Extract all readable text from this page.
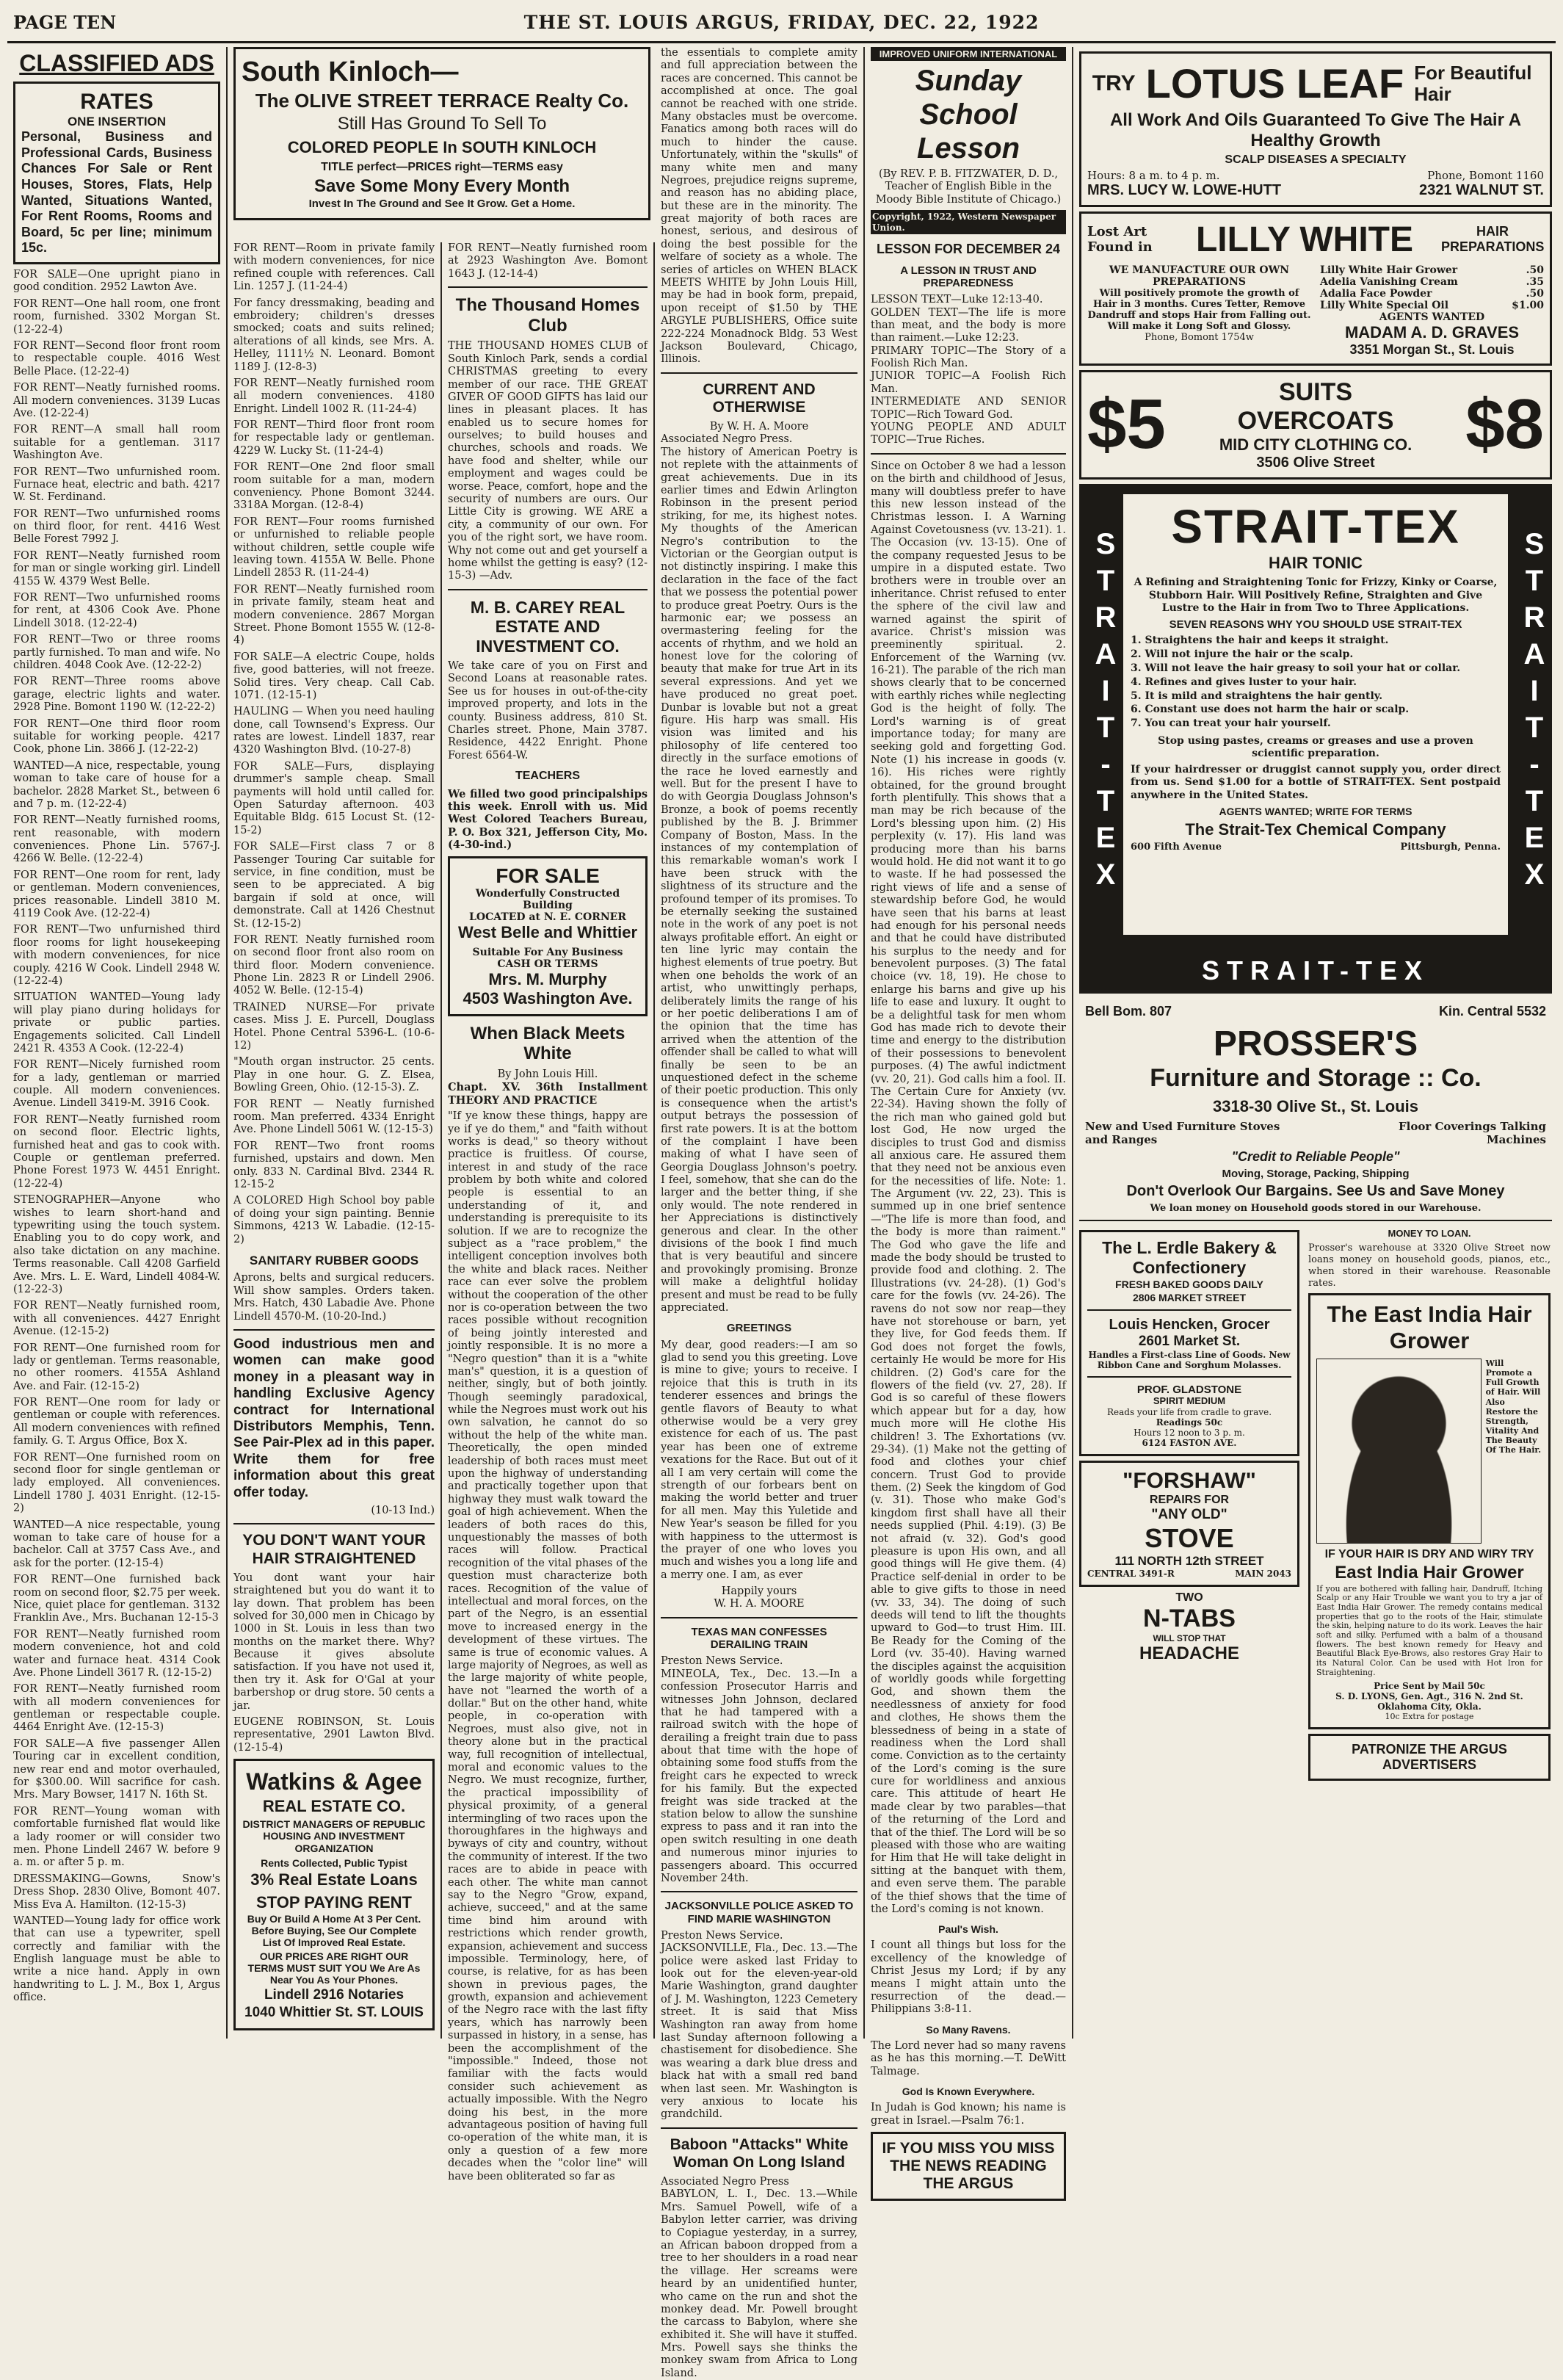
PAGE TEN	THE ST. LOUIS ARGUS, FRIDAY, DEC. 22, 1922
CLASSIFIED ADS
RATES
ONE INSERTION
Personal, Business and Professional Cards, Business Chances For Sale or Rent Houses, Stores, Flats, Help Wanted, Situations Wanted, For Rent Rooms, Rooms and Board, 5c per line; minimum 15c.

FOR SALE—One upright piano in good condition. 2952 Lawton Ave.

FOR RENT—One hall room, one front room, furnished. 3302 Morgan St. (12-22-4)

FOR RENT—Second floor front room to respectable couple. 4016 West Belle Place. (12-22-4)

FOR RENT—Neatly furnished rooms. All modern conveniences. 3139 Lucas Ave. (12-22-4)

FOR RENT—A small hall room suitable for a gentleman. 3117 Washington Ave.

FOR RENT—Two unfurnished room. Furnace heat, electric and bath. 4217 W. St. Ferdinand.

FOR RENT—Two unfurnished rooms on third floor, for rent. 4416 West Belle Forest 7992 J.

FOR RENT—Neatly furnished room for man or single working girl. Lindell 4155 W. 4379 West Belle.

FOR RENT—Two unfurnished rooms for rent, at 4306 Cook Ave. Phone Lindell 3018. (12-22-4)

FOR RENT—Two or three rooms partly furnished. To man and wife. No children. 4048 Cook Ave. (12-22-2)

FOR RENT—Three rooms above garage, electric lights and water. 2928 Pine. Bomont 1190 W. (12-22-2)

FOR RENT—One third floor room suitable for working people. 4217 Cook, phone Lin. 3866 J. (12-22-2)

WANTED—A nice, respectable, young woman to take care of house for a bachelor. 2828 Market St., between 6 and 7 p. m. (12-22-4)

FOR RENT—Neatly furnished rooms, rent reasonable, with modern conveniences. Phone Lin. 5767-J. 4266 W. Belle. (12-22-4)

FOR RENT—One room for rent, lady or gentleman. Modern conveniences, prices reasonable. Lindell 3810 M. 4119 Cook Ave. (12-22-4)

FOR RENT—Two unfurnished third floor rooms for light housekeeping with modern conveniences, for nice couply. 4216 W Cook. Lindell 2948 W. (12-22-4)

SITUATION WANTED—Young lady will play piano during holidays for private or public parties. Engagements solicited. Call Lindell 2421 R. 4353 A Cook. (12-22-4)

FOR RENT—Nicely furnished room for a lady, gentleman or married couple. All modern conveniences. Avenue. Lindell 3419-M. 3916 Cook.

FOR RENT—Neatly furnished room on second floor. Electric lights, furnished heat and gas to cook with. Couple or gentleman preferred. Phone Forest 1973 W. 4451 Enright. (12-22-4)

STENOGRAPHER—Anyone who wishes to learn short-hand and typewriting using the touch system. Enabling you to do copy work, and also take dictation on any machine. Terms reasonable. Call 4208 Garfield Ave. Mrs. L. E. Ward, Lindell 4084-W. (12-22-3)

FOR RENT—Neatly furnished room, with all conveniences. 4427 Enright Avenue. (12-15-2)

FOR RENT—One furnished room for lady or gentleman. Terms reasonable, no other roomers. 4155A Ashland Ave. and Fair. (12-15-2)

FOR RENT—One room for lady or gentleman or couple with references. All modern conveniences with refined family. G. T. Argus Office, Box X.

FOR RENT—One furnished room on second floor for single gentleman or lady employed. All conveniences. Lindell 1780 J. 4031 Enright. (12-15-2)

WANTED—A nice respectable, young woman to take care of house for a bachelor. Call at 3757 Cass Ave., and ask for the porter. (12-15-4)

FOR RENT—One furnished back room on second floor, $2.75 per week. Nice, quiet place for gentleman. 3132 Franklin Ave., Mrs. Buchanan 12-15-3

FOR RENT—Neatly furnished room modern convenience, hot and cold water and furnace heat. 4314 Cook Ave. Phone Lindell 3617 R. (12-15-2)

FOR RENT—Neatly furnished room with all modern conveniences for gentleman or respectable couple. 4464 Enright Ave. (12-15-3)

FOR SALE—A five passenger Allen Touring car in excellent condition, new rear end and motor overhauled, for $300.00. Will sacrifice for cash. Mrs. Mary Bowser, 1417 N. 16th St.

FOR RENT—Young woman with comfortable furnished flat would like a lady roomer or will consider two men. Phone Lindell 2467 W. before 9 a. m. or after 5 p. m.

DRESSMAKING—Gowns, Snow's Dress Shop. 2830 Olive, Bomont 407. Miss Eva A. Hamilton. (12-15-3)

WANTED—Young lady for office work that can use a typewriter, spell correctly and familiar with the English language must be able to write a nice hand. Apply in own handwriting to L. J. M., Box 1, Argus office.

South Kinloch—
The OLIVE STREET TERRACE Realty Co.
Still Has Ground To Sell To
COLORED PEOPLE In SOUTH KINLOCH
TITLE perfect—PRICES right—TERMS easy
Save Some Mony Every Month
Invest In The Ground and See It Grow. Get a Home.

FOR RENT—Room in private family with modern conveniences, for nice refined couple with references. Call Lin. 1257 J. (11-24-4)

For fancy dressmaking, beading and embroidery; children's dresses smocked; coats and suits relined; alterations of all kinds, see Mrs. A. Helley, 1111½ N. Leonard. Bomont 1189 J. (12-8-3)

FOR RENT—Neatly furnished room all modern conveniences. 4180 Enright. Lindell 1002 R. (11-24-4)

FOR RENT—Third floor front room for respectable lady or gentleman. 4229 W. Lucky St. (11-24-4)

FOR RENT—One 2nd floor small room suitable for a man, modern conveniency. Phone Bomont 3244. 3318A Morgan. (12-8-4)

FOR RENT—Four rooms furnished or unfurnished to reliable people without children, settle couple wife leaving town. 4155A W. Belle. Phone Lindell 2853 R. (11-24-4)

FOR RENT—Neatly furnished room in private family, steam heat and modern convenience. 2867 Morgan Street. Phone Bomont 1555 W. (12-8-4)

FOR SALE—A electric Coupe, holds five, good batteries, will not freeze. Solid tires. Very cheap. Call Cab. 1071. (12-15-1)

HAULING — When you need hauling done, call Townsend's Express. Our rates are lowest. Lindell 1837, rear 4320 Washington Blvd. (10-27-8)

FOR SALE—Furs, displaying drummer's sample cheap. Small payments will hold until called for. Open Saturday afternoon. 403 Equitable Bldg. 615 Locust St. (12-15-2)

FOR SALE—First class 7 or 8 Passenger Touring Car suitable for service, in fine condition, must be seen to be appreciated. A big bargain if sold at once, will demonstrate. Call at 1426 Chestnut St. (12-15-2)

FOR RENT. Neatly furnished room on second floor front also room on third floor. Modern convenience. Phone Lin. 2823 R or Lindell 2906. 4052 W. Belle. (12-15-4)

TRAINED NURSE—For private cases. Miss J. E. Purcell, Douglass Hotel. Phone Central 5396-L. (10-6-12)

"Mouth organ instructor. 25 cents. Play in one hour. G. Z. Elsea, Bowling Green, Ohio. (12-15-3). Z.

FOR RENT — Neatly furnished room. Man preferred. 4334 Enright Ave. Phone Lindell 5061 W. (12-15-3)

FOR RENT—Two front rooms furnished, upstairs and down. Men only. 833 N. Cardinal Blvd. 2344 R. 12-15-2

A COLORED High School boy pable of doing your sign painting. Bennie Simmons, 4213 W. Labadie. (12-15-2)

SANITARY RUBBER GOODS

Aprons, belts and surgical reducers. Will show samples. Orders taken. Mrs. Hatch, 430 Labadie Ave. Phone Lindell 4570-M. (10-20-Ind.)

Good industrious men and women can make good money in a pleasant way in handling Exclusive Agency contract for International Distributors Memphis, Tenn. See Pair-Plex ad in this paper. Write them for free information about this great offer today.

(10-13 Ind.)

YOU DON'T WANT YOUR HAIR STRAIGHTENED

You dont want your hair straightened but you do want it to lay down. That problem has been solved for 30,000 men in Chicago by 1000 in St. Louis in less than two months on the market there. Why? Because it gives absolute satisfaction. If you have not used it, then try it. Ask for O'Gal at your barbershop or drug store. 50 cents a jar.

EUGENE ROBINSON, St. Louis representative, 2901 Lawton Blvd. (12-15-4)

Watkins & Agee
REAL ESTATE CO.
DISTRICT MANAGERS OF REPUBLIC HOUSING AND INVESTMENT ORGANIZATION
Rents Collected, Public Typist
3% Real Estate Loans
STOP PAYING RENT
Buy Or Build A Home At 3 Per Cent. Before Buying, See Our Complete List Of Improved Real Estate.
OUR PRICES ARE RIGHT OUR TERMS MUST SUIT YOU We Are As Near You As Your Phones.
Lindell 2916 Notaries
1040 Whittier St. ST. LOUIS

FOR RENT—Neatly furnished room at 2923 Washington Ave. Bomont 1643 J. (12-14-4)

The Thousand Homes Club

THE THOUSAND HOMES CLUB of South Kinloch Park, sends a cordial CHRISTMAS greeting to every member of our race. THE GREAT GIVER OF GOOD GIFTS has laid our lines in pleasant places. It has enabled us to secure homes for ourselves; to build houses and churches, schools and roads. We have food and shelter, while our employment and wages could be worse. Peace, comfort, hope and the security of numbers are ours. Our Little City is growing. WE ARE a city, a community of our own. For you of the right sort, we have room. Why not come out and get yourself a home whilst the getting is easy? (12-15-3) —Adv.

M. B. CAREY REAL ESTATE AND INVESTMENT CO.

We take care of you on First and Second Loans at reasonable rates. See us for houses in out-of-the-city improved property, and lots in the county. Business address, 810 St. Charles street. Phone, Main 3787. Residence, 4422 Enright. Phone Forest 6564-W.

TEACHERS

We filled two good principalships this week. Enroll with us. Mid West Colored Teachers Bureau, P. O. Box 321, Jefferson City, Mo. (4-30-ind.)

FOR SALE
Wonderfully Constructed Building
LOCATED at N. E. CORNER
West Belle and Whittier
Suitable For Any Business
CASH OR TERMS
Mrs. M. Murphy
4503 Washington Ave.
When Black Meets White
By John Louis Hill.

Chapt. XV. 36th Installment THEORY AND PRACTICE

"If ye know these things, happy are ye if ye do them," and "faith without works is dead," so theory without practice is fruitless. Of course, interest in and study of the race problem by both white and colored people is essential to an understanding of it, and understanding is prerequisite to its solution. If we are to recognize the subject as a "race problem," the intelligent conception involves both the white and black races. Neither race can ever solve the problem without the cooperation of the other nor is co-operation between the two races possible without recognition of being jointly interested and jointly responsible. It is no more a "Negro question" than it is a "white man's" question, it is a question of neither, singly, but of both jointly. Though seemingly paradoxical, while the Negroes must work out his own salvation, he cannot do so without the help of the white man. Theoretically, the open minded leadership of both races must meet upon the highway of understanding and practically together upon that highway they must walk toward the goal of high achievement. When the leaders of both races do this, unquestionably the masses of both races will follow. Practical recognition of the vital phases of the question must characterize both races. Recognition of the value of intellectual and moral forces, on the part of the Negro, is an essential move to increased energy in the development of these virtues. The same is true of economic values. A large majority of Negroes, as well as the large majority of white people, have not "learned the worth of a dollar." But on the other hand, white people, in co-operation with Negroes, must also give, not in theory alone but in the practical way, full recognition of intellectual, moral and economic values to the Negro. We must recognize, further, the practical impossibility of physical proximity, of a general intermingling of two races upon the thoroughfares in the highways and byways of city and country, without the community of interest. If the two races are to abide in peace with each other. The white man cannot say to the Negro "Grow, expand, achieve, succeed," and at the same time bind him around with restrictions which render growth, expansion, achievement and success impossible. Terminology, here, of course, is relative, for as has been shown in previous pages, the growth, expansion and achievement of the Negro race with the last fifty years, which has narrowly been surpassed in history, in a sense, has been the accomplishment of the "impossible." Indeed, those not familiar with the facts would consider such achievement as actually impossible. With the Negro doing his best, in the more advantageous position of having full co-operation of the white man, it is only a question of a few more decades when the "color line" will have been obliterated so far as

the essentials to complete amity and full appreciation between the races are concerned. This cannot be accomplished at once. The goal cannot be reached with one stride. Many obstacles must be overcome. Fanatics among both races will do much to hinder the cause. Unfortunately, within the "skulls" of many white men and many Negroes, prejudice reigns supreme, and reason has no abiding place, but these are in the minority. The great majority of both races are honest, serious, and desirous of doing the best possible for the welfare of society as a whole. The series of articles on WHEN BLACK MEETS WHITE by John Louis Hill, may be had in book form, prepaid, upon receipt of $1.50 by THE ARGYLE PUBLISHERS, Office suite 222-224 Monadnock Bldg. 53 West Jackson Boulevard, Chicago, Illinois.

CURRENT AND OTHERWISE
By W. H. A. Moore
Associated Negro Press.

The history of American Poetry is not replete with the attainments of great achievements. Due in its earlier times and Edwin Arlington Robinson in the present period striking, for me, its highest notes. My thoughts of the American Negro's contribution to the Victorian or the Georgian output is not distinctly inspiring. I make this declaration in the face of the fact that we possess the potential power to produce great Poetry. Ours is the harmonic ear; we possess an overmastering feeling for the accents of rhythm, and we hold an honest love for the coloring of beauty that make for true Art in its several expressions. And yet we have produced no great poet. Dunbar is lovable but not a great figure. His harp was small. His vision was limited and his philosophy of life centered too directly in the surface emotions of the race he loved earnestly and well. But for the present I have to do with Georgia Douglass Johnson's Bronze, a book of poems recently published by the B. J. Brimmer Company of Boston, Mass. In the instances of my contemplation of this remarkable woman's work I have been struck with the slightness of its structure and the profound temper of its promises. To be eternally seeking the sustained note in the work of any poet is not always profitable effort. An eight or ten line lyric may contain the highest elements of true poetry. But when one beholds the work of an artist, who unwittingly perhaps, deliberately limits the range of his or her poetic deliberations I am of the opinion that the time has arrived when the attention of the offender shall be called to what will finally be seen to be an unquestioned defect in the scheme of their poetic production. This only is consequence when the artist's output betrays the possession of first rate powers. It is at the bottom of the complaint I have been making of what I have seen of Georgia Douglass Johnson's poetry. I feel, somehow, that she can do the larger and the better thing, if she only would. The note rendered in her Appreciations is distinctively generous and clear. In the other divisions of the book I find much that is very beautiful and sincere and provokingly promising. Bronze will make a delightful holiday present and must be read to be fully appreciated.

GREETINGS

My dear, good readers:—I am so glad to send you this greeting. Love is mine to give; yours to receive. I rejoice that this is truth in its tenderer essences and brings the gentle flavors of Beauty to what otherwise would be a very grey existence for each of us. The past year has been one of extreme vexations for the Race. But out of it all I am very certain will come the strength of our forbears bent on making the world better and truer for all men. May this Yuletide and New Year's season be filled for you with happiness to the uttermost is the prayer of one who loves you much and wishes you a long life and a merry one. I am, as ever

Happily yours
W. H. A. MOORE
TEXAS MAN CONFESSES DERAILING TRAIN
Preston News Service.

MINEOLA, Tex., Dec. 13.—In a confession Prosecutor Harris and witnesses John Johnson, declared that he had tampered with a railroad switch with the hope of derailing a freight train due to pass about that time with the hope of obtaining some food stuffs from the freight cars he expected to wreck for his family. But the expected freight was side tracked at the station below to allow the sunshine express to pass and it ran into the open switch resulting in one death and numerous minor injuries to passengers aboard. This occurred November 24th.

JACKSONVILLE POLICE ASKED TO FIND MARIE WASHINGTON
Preston News Service.

JACKSONVILLE, Fla., Dec. 13.—The police were asked last Friday to look out for the eleven-year-old Marie Washington, grand daughter of J. M. Washington, 1223 Cemetery street. It is said that Miss Washington ran away from home last Sunday afternoon following a chastisement for disobedience. She was wearing a dark blue dress and black hat with a small red band when last seen. Mr. Washington is very anxious to locate his grandchild.

Baboon "Attacks" White Woman On Long Island
Associated Negro Press

BABYLON, L. I., Dec. 13.—While Mrs. Samuel Powell, wife of a Babylon letter carrier, was driving to Copiague yesterday, in a surrey, an African baboon dropped from a tree to her shoulders in a road near the village. Her screams were heard by an unidentified hunter, who came on the run and shot the monkey dead. Mr. Powell brought the carcass to Babylon, where she exhibited it. She will have it stuffed. Mrs. Powell says she thinks the monkey swam from Africa to Long Island.

IMPROVED UNIFORM INTERNATIONAL
Sunday School
Lesson

(By REV. P. B. FITZWATER, D. D., Teacher of English Bible in the Moody Bible Institute of Chicago.)

Copyright, 1922, Western Newspaper Union.
LESSON FOR DECEMBER 24
A LESSON IN TRUST AND PREPAREDNESS

LESSON TEXT—Luke 12:13-40.

GOLDEN TEXT—The life is more than meat, and the body is more than raiment.—Luke 12:23.

PRIMARY TOPIC—The Story of a Foolish Rich Man.

JUNIOR TOPIC—A Foolish Rich Man.

INTERMEDIATE AND SENIOR TOPIC—Rich Toward God.

YOUNG PEOPLE AND ADULT TOPIC—True Riches.

Since on October 8 we had a lesson on the birth and childhood of Jesus, many will doubtless prefer to have this new lesson instead of the Christmas lesson. I. A Warning Against Covetousness (vv. 13-21). 1. The Occasion (vv. 13-15). One of the company requested Jesus to be umpire in a disputed estate. Two brothers were in trouble over an inheritance. Christ refused to enter the sphere of the civil law and warned against the spirit of avarice. Christ's mission was preeminently spiritual. 2. Enforcement of the Warning (vv. 16-21). The parable of the rich man shows clearly that to be concerned with earthly riches while neglecting God is the height of folly. The Lord's warning is of great importance today; for many are seeking gold and forgetting God. Note (1) his increase in goods (v. 16). His riches were rightly obtained, for the ground brought forth plentifully. This shows that a man may be rich because of the Lord's blessing upon him. (2) His perplexity (v. 17). His land was producing more than his barns would hold. He did not want it to go to waste. If he had possessed the right views of life and a sense of stewardship before God, he would have seen that his barns at least had enough for his personal needs and that he could have distributed his surplus to the needy and for benevolent purposes. (3) The fatal choice (vv. 18, 19). He chose to enlarge his barns and give up his life to ease and luxury. It ought to be a delightful task for men whom God has made rich to devote their time and energy to the distribution of their possessions to benevolent purposes. (4) The awful indictment (vv. 20, 21). God calls him a fool. II. The Certain Cure for Anxiety (vv. 22-34). Having shown the folly of the rich man who gained gold but lost God, He now urged the disciples to trust God and dismiss all anxious care. He assured them that they need not be anxious even for the necessities of life. Note: 1. The Argument (vv. 22, 23). This is summed up in one brief sentence—"The life is more than food, and the body is more than raiment." The God who gave the life and made the body should be trusted to provide food and clothing. 2. The Illustrations (vv. 24-28). (1) God's care for the fowls (vv. 24-26). The ravens do not sow nor reap—they have not storehouse or barn, yet they live, for God feeds them. If God does not forget the fowls, certainly He would be more for His children. (2) God's care for the flowers of the field (vv. 27, 28). If God is so careful of these flowers which appear but for a day, how much more will He clothe His children! 3. The Exhortations (vv. 29-34). (1) Make not the getting of food and clothes your chief concern. Trust God to provide them. (2) Seek the kingdom of God (v. 31). Those who make God's kingdom first shall have all their needs supplied (Phil. 4:19). (3) Be not afraid (v. 32). God's good pleasure is upon His own, and all good things will He give them. (4) Practice self-denial in order to be able to give gifts to those in need (vv. 33, 34). The doing of such deeds will tend to lift the thoughts upward to God—to trust Him. III. Be Ready for the Coming of the Lord (vv. 35-40). Having warned the disciples against the acquisition of worldly goods while forgetting God, and shown them the needlessness of anxiety for food and clothes, He shows them the blessedness of being in a state of readiness when the Lord shall come. Conviction as to the certainty of the Lord's coming is the sure cure for worldliness and anxious care. This attitude of heart He made clear by two parables—that of the returning of the Lord and that of the thief. The Lord will be so pleased with those who are waiting for Him that He will take delight in sitting at the banquet with them, and even serve them. The parable of the thief shows that the time of the Lord's coming is not known.

Paul's Wish.

I count all things but loss for the excellency of the knowledge of Christ Jesus my Lord; if by any means I might attain unto the resurrection of the dead.—Philippians 3:8-11.

So Many Ravens.

The Lord never had so many ravens as he has this morning.—T. DeWitt Talmage.

God Is Known Everywhere.

In Judah is God known; his name is great in Israel.—Psalm 76:1.

IF YOU MISS YOU MISS THE NEWS READING THE ARGUS
TRY LOTUS LEAF For Beautiful Hair
All Work And Oils Guaranteed To Give The Hair A Healthy Growth
SCALP DISEASES A SPECIALTY
Hours: 8 a m. to 4 p. m.	Phone, Bomont 1160
MRS. LUCY W. LOWE-HUTT	2321 WALNUT ST.
Lost Art Found in	LILLY WHITE	HAIR PREPARATIONS
WE MANUFACTURE OUR OWN PREPARATIONS
Will positively promote the growth of Hair in 3 months. Cures Tetter, Remove Dandruff and stops Hair from Falling out. Will make it Long Soft and Glossy.
Phone, Bomont 1754w
Lilly White Hair Grower	.50
Adelia Vanishing Cream	.35
Adalia Face Powder	.50
Lilly White Special Oil	$1.00
AGENTS WANTED
MADAM A. D. GRAVES
3351 Morgan St., St. Louis
$5	SUITS
OVERCOATS
MID CITY CLOTHING CO.
3506 Olive Street	$8
STRAIT-TEX	STRAIT-TEX
STRAIT-TEX
HAIR TONIC

A Refining and Straightening Tonic for Frizzy, Kinky or Coarse, Stubborn Hair. Will Positively Refine, Straighten and Give Lustre to the Hair in from Two to Three Applications.

SEVEN REASONS WHY YOU SHOULD USE STRAIT-TEX
1. Straightens the hair and keeps it straight.
2. Will not injure the hair or the scalp.
3. Will not leave the hair greasy to soil your hat or collar.
4. Refines and gives luster to your hair.
5. It is mild and straightens the hair gently.
6. Constant use does not harm the hair or scalp.
7. You can treat your hair yourself.

Stop using pastes, creams or greases and use a proven scientific preparation.

If your hairdresser or druggist cannot supply you, order direct from us. Send $1.00 for a bottle of STRAIT-TEX. Sent postpaid anywhere in the United States.

AGENTS WANTED; WRITE FOR TERMS
The Strait-Tex Chemical Company
600 Fifth Avenue	Pittsburgh, Penna.
STRAIT-TEX
Bell Bom. 807	Kin. Central 5532
PROSSER'S
Furniture and Storage :: Co.
3318-30 Olive St., St. Louis
New and Used Furniture Stoves and Ranges
Floor Coverings Talking Machines
"Credit to Reliable People"
Moving, Storage, Packing, Shipping
Don't Overlook Our Bargains. See Us and Save Money
We loan money on Household goods stored in our Warehouse.
The L. Erdle Bakery & Confectionery
FRESH BAKED GOODS DAILY
2806 MARKET STREET
Louis Hencken, Grocer
2601 Market St.
Handles a First-class Line of Goods. New Ribbon Cane and Sorghum Molasses.
PROF. GLADSTONE
SPIRIT MEDIUM
Reads your life from cradle to grave.
Readings 50c
Hours 12 noon to 3 p. m.
6124 FASTON AVE.
"FORSHAW"
REPAIRS FOR
"ANY OLD"
STOVE
111 NORTH 12th STREET
CENTRAL 3491-R	MAIN 2043
TWO
N-TABS
WILL STOP THAT
HEADACHE
MONEY TO LOAN.

Prosser's warehouse at 3320 Olive Street now loans money on household goods, pianos, etc., when stored in their warehouse. Reasonable rates.

The East India Hair Grower
Will Promote a Full Growth of Hair. Will Also Restore the Strength, Vitality And The Beauty Of The Hair.
IF YOUR HAIR IS DRY AND WIRY TRY
East India Hair Grower

If you are bothered with falling hair, Dandruff, Itching Scalp or any Hair Trouble we want you to try a jar of East India Hair Grower. The remedy contains medical properties that go to the roots of the Hair, stimulate the skin, helping nature to do its work. Leaves the hair soft and silky. Perfumed with a balm of a thousand flowers. The best known remedy for Heavy and Beautiful Black Eye-Brows, also restores Gray Hair to its Natural Color. Can be used with Hot Iron for Straightening.

Price Sent by Mail 50c
S. D. LYONS, Gen. Agt., 316 N. 2nd St. Oklahoma City, Okla.
10c Extra for postage
PATRONIZE THE ARGUS ADVERTISERS
